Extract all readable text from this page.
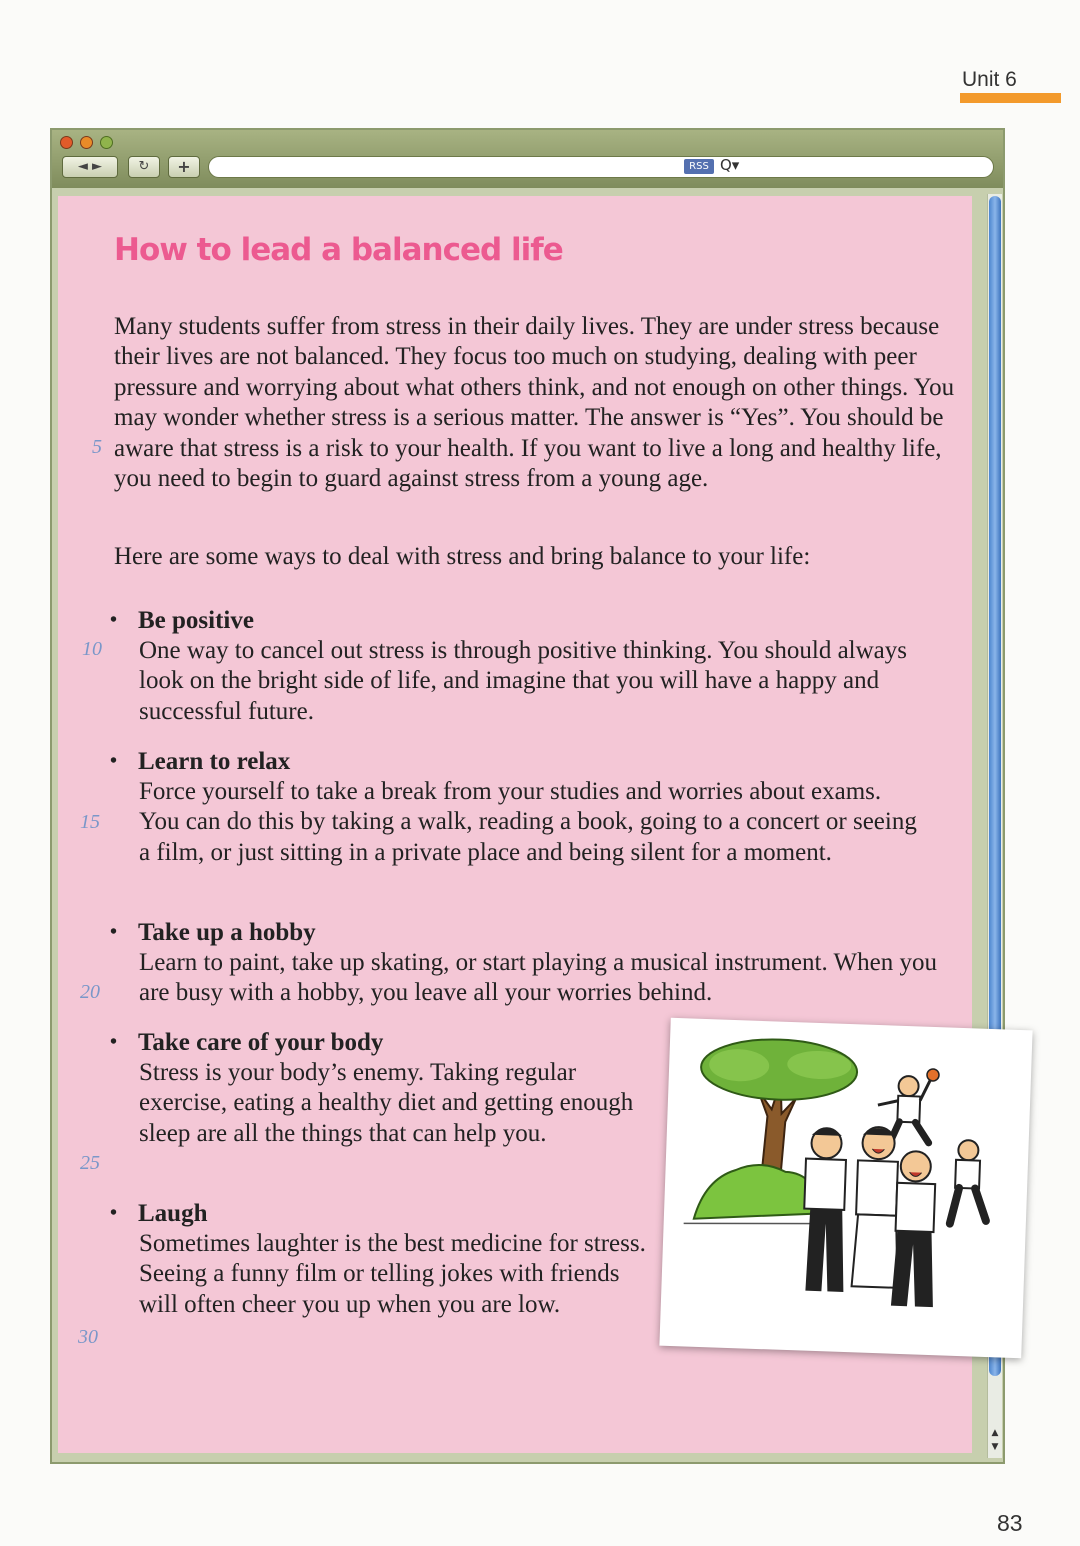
Unit 6
◄ ►	↻	+	RSS Q▾
▲
▼
How to lead a balanced life

Many students suffer from stress in their daily lives. They are under stress because their lives are not balanced. They focus too much on studying, dealing with peer pressure and worrying about what others think, and not enough on other things. You may wonder whether stress is a serious matter. The answer is “Yes”. You should be aware that stress is a risk to your health. If you want to live a long and healthy life, you need to begin to guard against stress from a young age.

Here are some ways to deal with stress and bring balance to your life:

• Be positive

One way to cancel out stress is through positive thinking. You should always look on the bright side of life, and imagine that you will have a happy and successful future.

• Learn to relax

Force yourself to take a break from your studies and worries about exams. You can do this by taking a walk, reading a book, going to a concert or seeing a film, or just sitting in a private place and being silent for a moment.

• Take up a hobby

Learn to paint, take up skating, or start playing a musical instrument. When you are busy with a hobby, you leave all your worries behind.

• Take care of your body

Stress is your body’s enemy. Taking regular exercise, eating a healthy diet and getting enough sleep are all the things that can help you.

• Laugh

Sometimes laughter is the best medicine for stress. Seeing a funny film or telling jokes with friends will often cheer you up when you are low.

5
10
15
20
25
30
83
